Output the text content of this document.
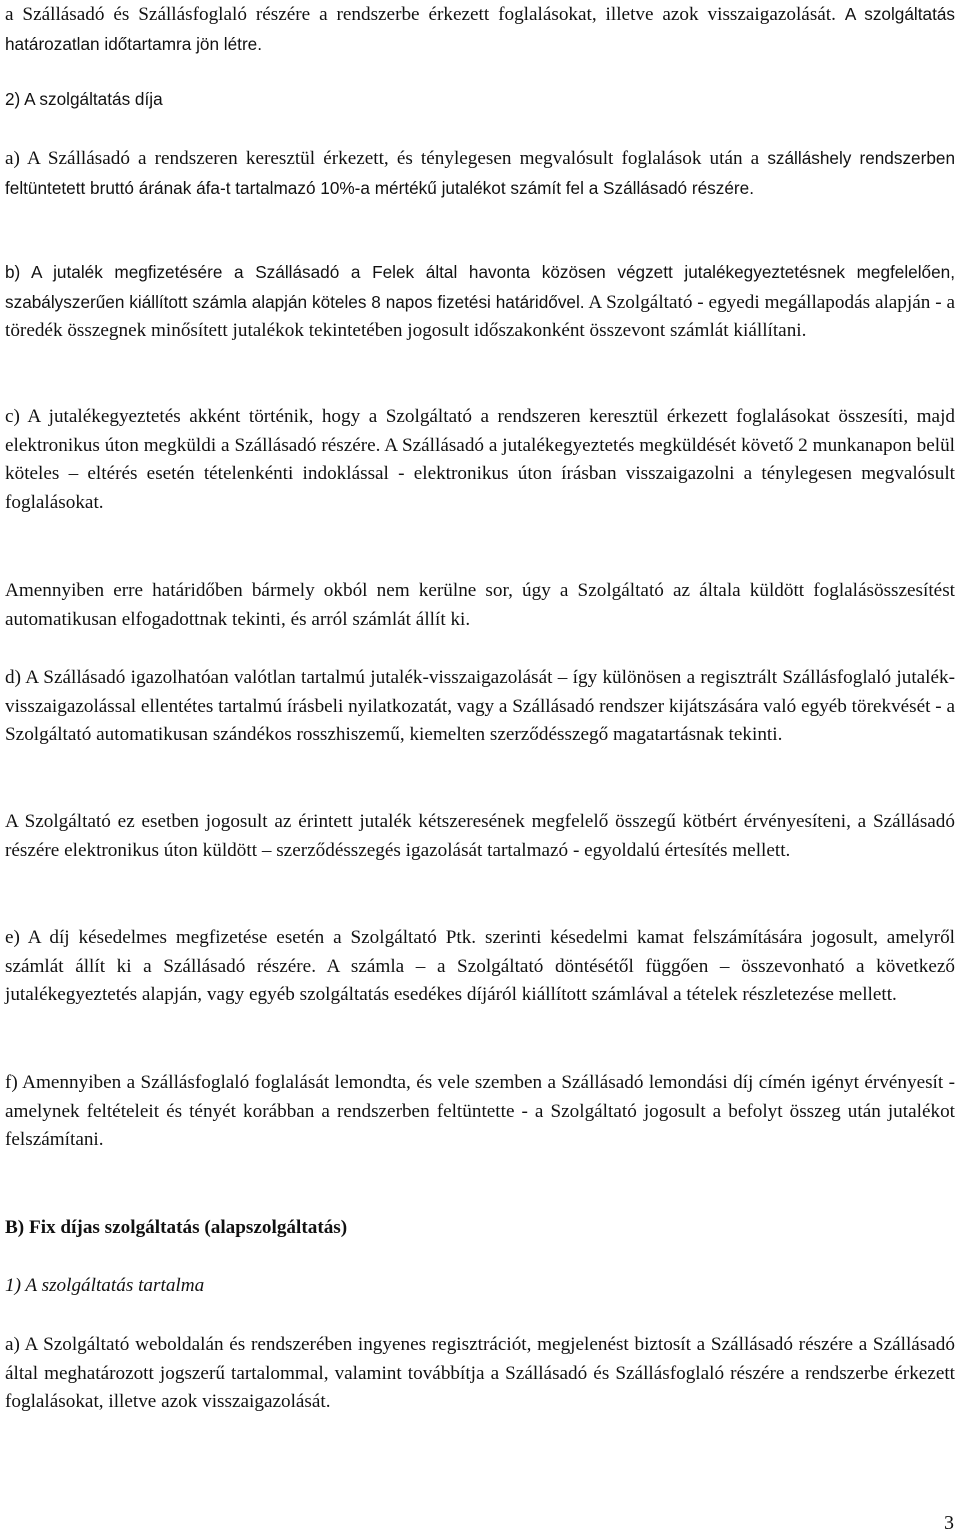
a Szállásadó és Szállásfoglaló részére a rendszerbe érkezett foglalásokat, illetve azok visszaigazolását. A szolgáltatás határozatlan időtartamra jön létre.

2) A szolgáltatás díja

a) A Szállásadó a rendszeren keresztül érkezett, és ténylegesen megvalósult foglalások után a szálláshely rendszerben feltüntetett bruttó árának áfa-t tartalmazó 10%-a mértékű jutalékot számít fel a Szállásadó részére.

b) A jutalék megfizetésére a Szállásadó a Felek által havonta közösen végzett jutalékegyeztetésnek megfelelően, szabályszerűen kiállított számla alapján köteles 8 napos fizetési határidővel. A Szolgáltató - egyedi megállapodás alapján - a töredék összegnek minősített jutalékok tekintetében jogosult időszakonként összevont számlát kiállítani.

c) A jutalékegyeztetés akként történik, hogy a Szolgáltató a rendszeren keresztül érkezett foglalásokat összesíti, majd elektronikus úton megküldi a Szállásadó részére. A Szállásadó a jutalékegyeztetés megküldését követő 2 munkanapon belül köteles – eltérés esetén tételenkénti indoklással - elektronikus úton írásban visszaigazolni a ténylegesen megvalósult foglalásokat.

Amennyiben erre határidőben bármely okból nem kerülne sor, úgy a Szolgáltató az általa küldött foglalásösszesítést automatikusan elfogadottnak tekinti, és arról számlát állít ki.

d) A Szállásadó igazolhatóan valótlan tartalmú jutalék-visszaigazolását – így különösen a regisztrált Szállásfoglaló jutalék-visszaigazolással ellentétes tartalmú írásbeli nyilatkozatát, vagy a Szállásadó rendszer kijátszására való egyéb törekvését - a Szolgáltató automatikusan szándékos rosszhiszemű, kiemelten szerződésszegő magatartásnak tekinti.

A Szolgáltató ez esetben jogosult az érintett jutalék kétszeresének megfelelő összegű kötbért érvényesíteni, a Szállásadó részére elektronikus úton küldött – szerződésszegés igazolását tartalmazó - egyoldalú értesítés mellett.

e) A díj késedelmes megfizetése esetén a Szolgáltató Ptk. szerinti késedelmi kamat felszámítására jogosult, amelyről számlát állít ki a Szállásadó részére. A számla – a Szolgáltató döntésétől függően – összevonható a következő jutalékegyeztetés alapján, vagy egyéb szolgáltatás esedékes díjáról kiállított számlával a tételek részletezése mellett.

f) Amennyiben a Szállásfoglaló foglalását lemondta, és vele szemben a Szállásadó lemondási díj címén igényt érvényesít - amelynek feltételeit és tényét korábban a rendszerben feltüntette - a Szolgáltató jogosult a befolyt összeg után jutalékot felszámítani.

B) Fix díjas szolgáltatás (alapszolgáltatás)

1) A szolgáltatás tartalma

a) A Szolgáltató weboldalán és rendszerében ingyenes regisztrációt, megjelenést biztosít a Szállásadó részére a Szállásadó által meghatározott jogszerű tartalommal, valamint továbbítja a Szállásadó és Szállásfoglaló részére a rendszerbe érkezett foglalásokat, illetve azok visszaigazolását.

3
